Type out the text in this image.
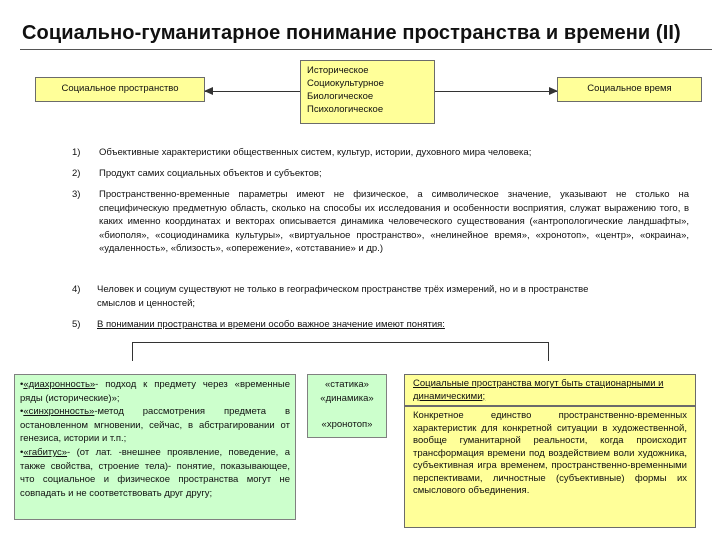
Социально-гуманитарное понимание пространства и времени (II)
Социальное пространство
Историческое
Социокультурное
Биологическое
Психологическое
Социальное время
1) Объективные характеристики общественных систем, культур, истории, духовного мира человека;
2) Продукт самих социальных объектов и субъектов;
3) Пространственно-временные параметры имеют не физическое, а символическое значение, указывают не столько на специфическую предметную область, сколько на способы их исследования и особенности восприятия, служат выражению того, в каких именно координатах и векторах описывается динамика человеческого существования («антропологические ландшафты», «биополя», «социодинамика культуры», «виртуальное пространство», «нелинейное время», «хронотоп», «центр», «окраина», «удаленность», «близость», «опережение», «отставание» и др.)
4) Человек и социум существуют не только в географическом пространстве трёх измерений, но и в пространстве смыслов и ценностей;
5) В понимании пространства и времени особо важное значение имеют понятия:

•«диахронность»- подход к предмету через «временные ряды (исторические)»;

•«синхронность»-метод рассмотрения предмета в остановленном мгновении, сейчас, в абстрагировании от генезиса, истории и т.п.;

•«габитус»- (от лат. -внешнее проявление, поведение, а также свойства, строение тела)- понятие, показывающее, что социальное и физическое пространства могут не совпадать и не соответствовать друг другу;

«статика»
«динамика»
«хронотоп»
Социальные пространства могут быть стационарными и динамическими;
Конкретное единство пространственно-временных характеристик для конкретной ситуации в художественной, вообще гуманитарной реальности, когда происходит трансформация времени под воздействием воли художника, субъективная игра временем, пространственно-временными перспективами, личностные (субъективные) формы их смыслового объединения.
